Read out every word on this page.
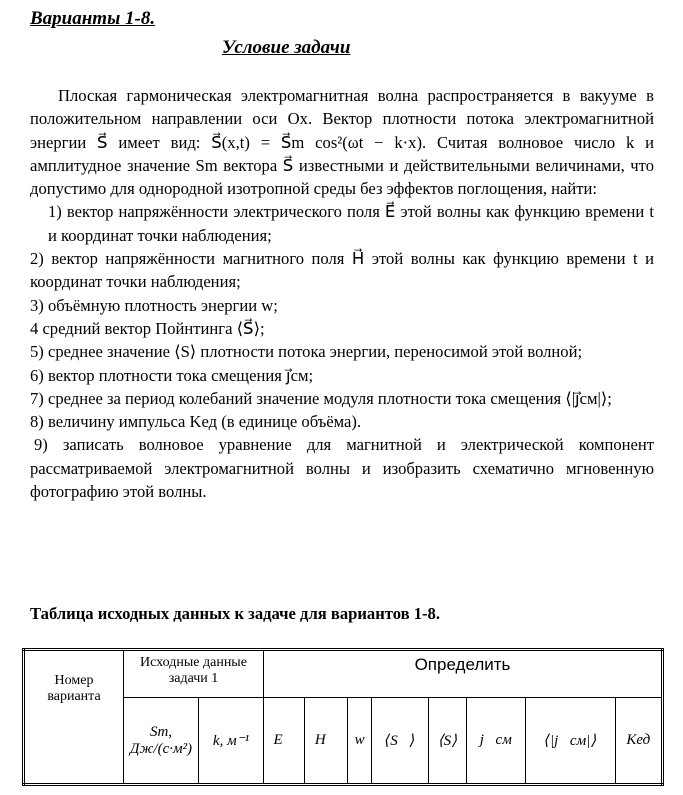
Варианты 1-8.
Условие задачи

Плоская гармоническая электромагнитная волна распространяется в вакууме в положительном направлении оси Ox. Вектор плотности потока электромагнитной энергии S⃗ имеет вид: S⃗(x,t) = S⃗m cos²(ωt − k·x). Считая волновое число k и амплитудное значение Sm вектора S⃗ известными и действительными величинами, что допустимо для однородной изотропной среды без эффектов поглощения, найти:

1) вектор напряжённости электрического поля E⃗ этой волны как функцию времени t и координат точки наблюдения;

2) вектор напряжённости магнитного поля H⃗ этой волны как функцию времени t и координат точки наблюдения;

3) объёмную плотность энергии w;

4 средний вектор Пойнтинга ⟨S⃗⟩;

5) среднее значение ⟨S⟩ плотности потока энергии, переносимой этой волной;

6) вектор плотности тока смещения j⃗см;

7) среднее за период колебаний значение модуля плотности тока смещения ⟨|j⃗см|⟩;

8) величину импульса Kед (в единице объёма).

9) записать волновое уравнение для магнитной и электрической компонент рассматриваемой электромагнитной волны и изобразить схематично мгновенную фотографию этой волны.

Таблица исходных данных к задаче для вариантов 1-8.
Номер варианта	Исходные данные задачи 1		Определить							
	Sm, Дж/(с·м²)	k, м⁻¹	E⃗	H⃗	w	⟨S⃗⟩	⟨S⟩	j⃗см	⟨|j⃗см|⟩	Kед
